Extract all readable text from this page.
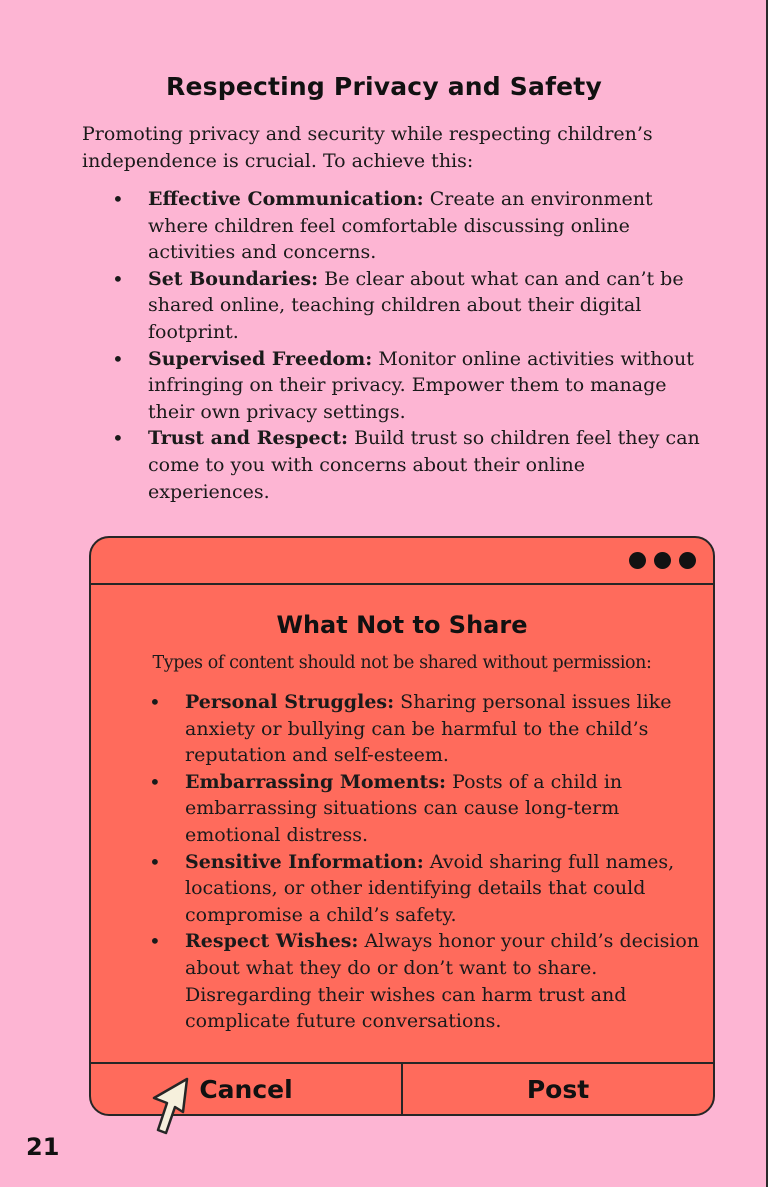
Respecting Privacy and Safety

Promoting privacy and security while respecting children’s independence is crucial. To achieve this:

• Effective Communication: Create an environment where children feel comfortable discussing online activities and concerns.
• Set Boundaries: Be clear about what can and can’t be shared online, teaching children about their digital footprint.
• Supervised Freedom: Monitor online activities without infringing on their privacy. Empower them to manage their own privacy settings.
• Trust and Respect: Build trust so children feel they can come to you with concerns about their online experiences.
What Not to Share

Types of content should not be shared without permission:

• Personal Struggles: Sharing personal issues like anxiety or bullying can be harmful to the child’s reputation and self-esteem.
• Embarrassing Moments: Posts of a child in embarrassing situations can cause long-term emotional distress.
• Sensitive Information: Avoid sharing full names, locations, or other identifying details that could compromise a child’s safety.
• Respect Wishes: Always honor your child’s decision about what they do or don’t want to share. Disregarding their wishes can harm trust and complicate future conversations.
Cancel	Post

21
